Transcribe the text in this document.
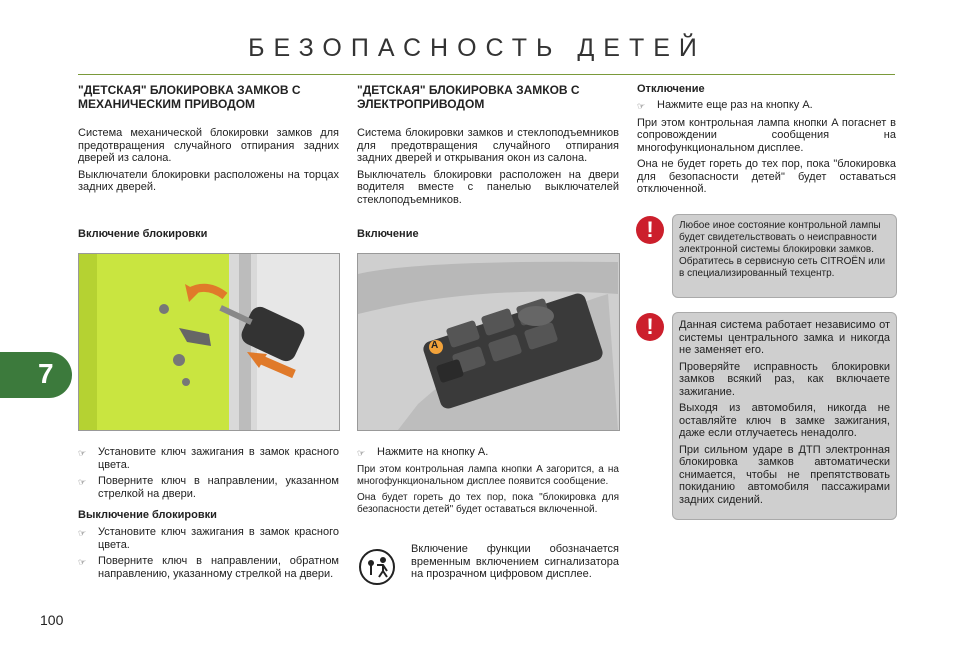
БЕЗОПАСНОСТЬ ДЕТЕЙ
7
"ДЕТСКАЯ" БЛОКИРОВКА ЗАМКОВ С МЕХАНИЧЕСКИМ ПРИВОДОМ

Система механической блокировки замков для предотвращения случайного отпирания задних дверей из салона.

Выключатели блокировки расположены на торцах задних дверей.

Включение блокировки
☞	Установите ключ зажигания в замок красного цвета.
☞	Поверните ключ в направлении, указанном стрелкой на двери.
Выключение блокировки
☞	Установите ключ зажигания в замок красного цвета.
☞	Поверните ключ в направлении, обратном направлению, указанному стрелкой на двери.
"ДЕТСКАЯ" БЛОКИРОВКА ЗАМКОВ С ЭЛЕКТРОПРИВОДОМ

Система блокировки замков и стеклоподъемников для предотвращения случайного отпирания задних дверей и открывания окон из салона.

Выключатель блокировки расположен на двери водителя вместе с панелью выключателей стеклоподъемников.

Включение
A
☞	Нажмите на кнопку A.

При этом контрольная лампа кнопки A загорится, а на многофункциональном дисплее появится сообщение.

Она будет гореть до тех пор, пока "блокировка для безопасности детей" будет оставаться включенной.

Включение функции обозначается временным включением сигнализатора на прозрачном цифровом дисплее.

Отключение
☞	Нажмите еще раз на кнопку A.

При этом контрольная лампа кнопки A погаснет в сопровождении сообщения на многофункциональном дисплее.

Она не будет гореть до тех пор, пока "блокировка для безопасности детей" будет оставаться отключенной.

!	Любое иное состояние контрольной лампы будет свидетельствовать о неисправности электронной системы блокировки замков. Обратитесь в сервисную сеть CITROËN или в специализированный техцентр.

!	Данная система работает независимо от системы центрального замка и никогда не заменяет его.

Проверяйте исправность блокировки замков всякий раз, как включаете зажигание.

Выходя из автомобиля, никогда не оставляйте ключ в замке зажигания, даже если отлучаетесь ненадолго.

При сильном ударе в ДТП электронная блокировка замков автоматически снимается, чтобы не препятствовать покиданию автомобиля пассажирами задних сидений.

100
